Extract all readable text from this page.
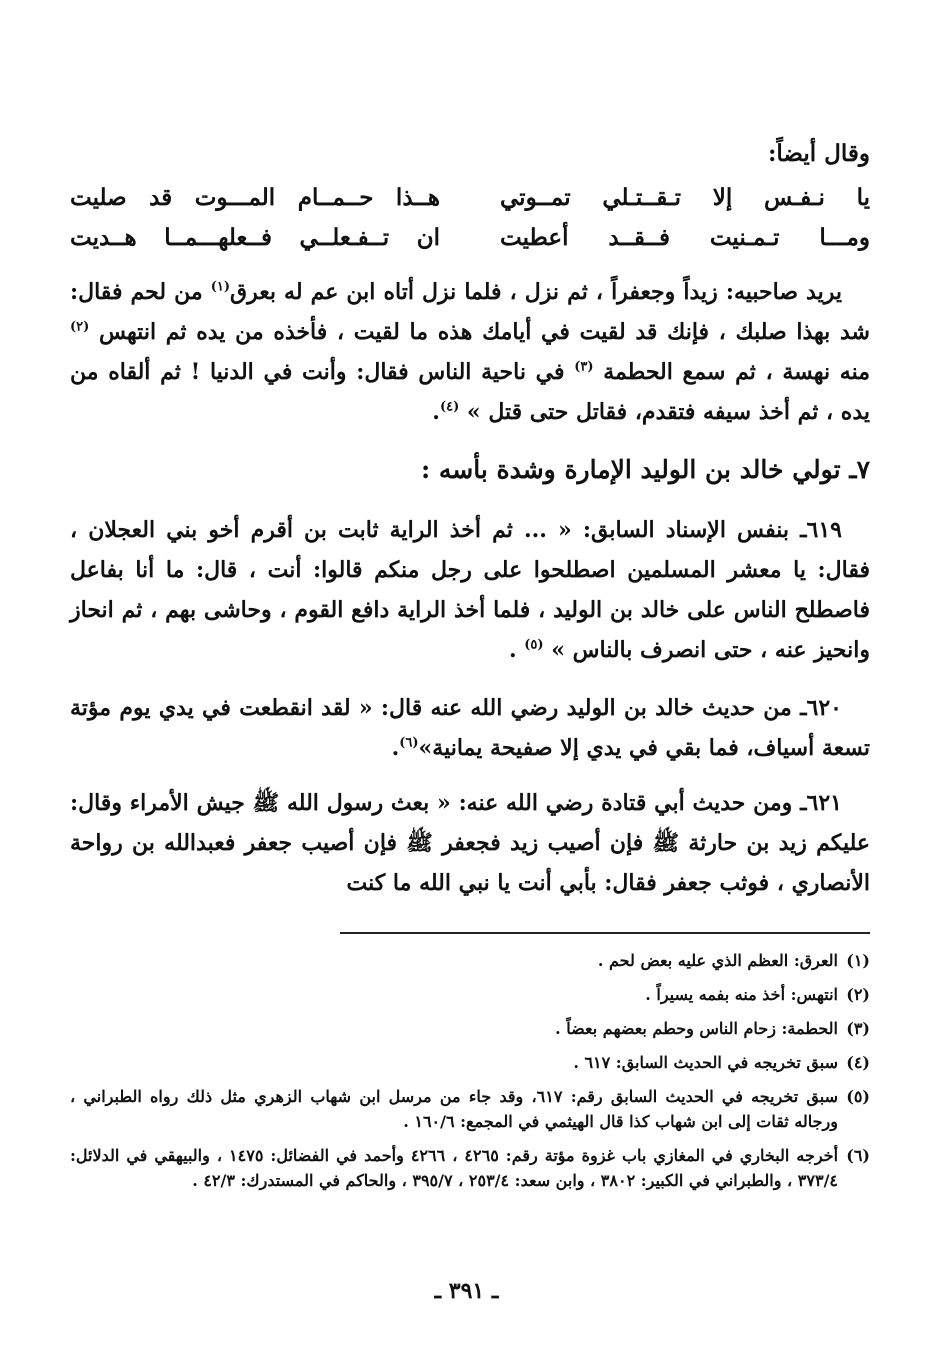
وقال أيضاً:
يا نـفـس إلا تـقــتـلي تمــوتي
هــذا حــمــام المـــوت قد صليت
ومـــا تـمـنيت فــقــد أعطيت
ان تــفـعلــي فــعلهـــمــا هــديت
يريد صاحبيه: زيداً وجعفراً ، ثم نزل ، فلما نزل أتاه ابن عم له بعرق$^{(١)}$ من لحم فقال: شد بهذا صلبك ، فإنك قد لقيت في أيامك هذه ما لقيت ، فأخذه من يده ثم انتهس $^{(٢)}$ منه نهسة ، ثم سمع الحطمة $^{(٣)}$ في ناحية الناس فقال: وأنت في الدنيا ! ثم ألقاه من يده ، ثم أخذ سيفه فتقدم، فقاتل حتى قتل » $^{(٤)}$.
٧ـ تولي خالد بن الوليد الإمارة وشدة بأسه :
٦١٩ـ بنفس الإسناد السابق: « ... ثم أخذ الراية ثابت بن أقرم أخو بني العجلان ، فقال: يا معشر المسلمين اصطلحوا على رجل منكم قالوا: أنت ، قال: ما أنا بفاعل فاصطلح الناس على خالد بن الوليد ، فلما أخذ الراية دافع القوم ، وحاشى بهم ، ثم انحاز وانحيز عنه ، حتى انصرف بالناس » $^{(٥)}$ .
٦٢٠ـ من حديث خالد بن الوليد رضي الله عنه قال: « لقد انقطعت في يدي يوم مؤتة تسعة أسياف، فما بقي في يدي إلا صفيحة يمانية»$^{(٦)}$.
٦٢١ـ ومن حديث أبي قتادة رضي الله عنه: « بعث رسول الله ﷺ جيش الأمراء وقال: عليكم زيد بن حارثة ﷺ فإن أصيب زيد فجعفر ﷺ فإن أصيب جعفر فعبدالله بن رواحة الأنصاري ، فوثب جعفر فقال: بأبي أنت يا نبي الله ما كنت
(١)
العرق: العظم الذي عليه بعض لحم .
(٢)
انتهس: أخذ منه بفمه يسيراً .
(٣)
الحطمة: زحام الناس وحطم بعضهم بعضاً .
(٤)
سبق تخريجه في الحديث السابق: ٦١٧ .
(٥)
سبق تخريجه في الحديث السابق رقم: ٦١٧، وقد جاء من مرسل ابن شهاب الزهري مثل ذلك رواه الطبراني ، ورجاله ثقات إلى ابن شهاب كذا قال الهيثمي في المجمع: ١٦٠/٦ .
(٦)
أخرجه البخاري في المغازي باب غزوة مؤتة رقم: ٤٢٦٥ ، ٤٢٦٦ وأحمد في الفضائل: ١٤٧٥ ، والبيهقي في الدلائل: ٣٧٣/٤ ، والطبراني في الكبير: ٣٨٠٢ ، وابن سعد: ٢٥٣/٤ ، ٣٩٥/٧ ، والحاكم في المستدرك: ٤٢/٣ .
ـ ٣٩١ ـ
